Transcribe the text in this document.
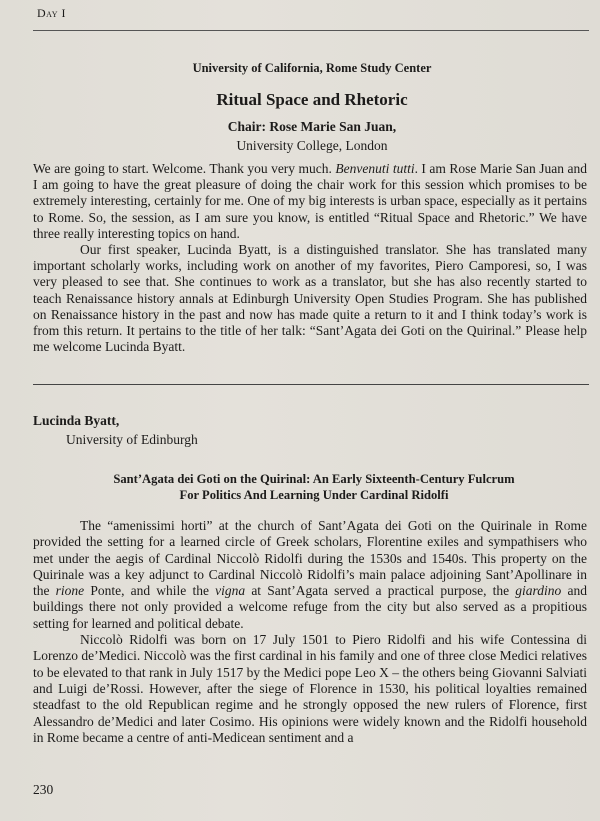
Day I
University of California, Rome Study Center
Ritual Space and Rhetoric
Chair: Rose Marie San Juan,
University College, London

We are going to start. Welcome. Thank you very much. Benvenuti tutti. I am Rose Marie San Juan and I am going to have the great pleasure of doing the chair work for this session which promises to be extremely interesting, certainly for me. One of my big interests is urban space, especially as it pertains to Rome. So, the session, as I am sure you know, is entitled “Ritual Space and Rhetoric.” We have three really interesting topics on hand.

Our first speaker, Lucinda Byatt, is a distinguished translator. She has translated many important scholarly works, including work on another of my favorites, Piero Camporesi, so, I was very pleased to see that. She continues to work as a translator, but she has also recently started to teach Renaissance history annals at Edinburgh University Open Studies Program. She has published on Renaissance history in the past and now has made quite a return to it and I think today’s work is from this return. It pertains to the title of her talk: “Sant’Agata dei Goti on the Quirinal.” Please help me welcome Lucinda Byatt.

Lucinda Byatt,
University of Edinburgh
Sant’Agata dei Goti on the Quirinal: An Early Sixteenth-Century Fulcrum
For Politics And Learning Under Cardinal Ridolfi

The “amenissimi horti” at the church of Sant’Agata dei Goti on the Quirinale in Rome provided the setting for a learned circle of Greek scholars, Florentine exiles and sympathisers who met under the aegis of Cardinal Niccolò Ridolfi during the 1530s and 1540s. This property on the Quirinale was a key adjunct to Cardinal Niccolò Ridolfi’s main palace adjoining Sant’Apollinare in the rione Ponte, and while the vigna at Sant’Agata served a practical purpose, the giardino and buildings there not only provided a welcome refuge from the city but also served as a propitious setting for learned and political debate.

Niccolò Ridolfi was born on 17 July 1501 to Piero Ridolfi and his wife Contessina di Lorenzo de’Medici. Niccolò was the first cardinal in his family and one of three close Medici relatives to be elevated to that rank in July 1517 by the Medici pope Leo X – the others being Giovanni Salviati and Luigi de’Rossi. However, after the siege of Florence in 1530, his political loyalties remained steadfast to the old Republican regime and he strongly opposed the new rulers of Florence, first Alessandro de’Medici and later Cosimo. His opinions were widely known and the Ridolfi household in Rome became a centre of anti-Medicean sentiment and a

230
